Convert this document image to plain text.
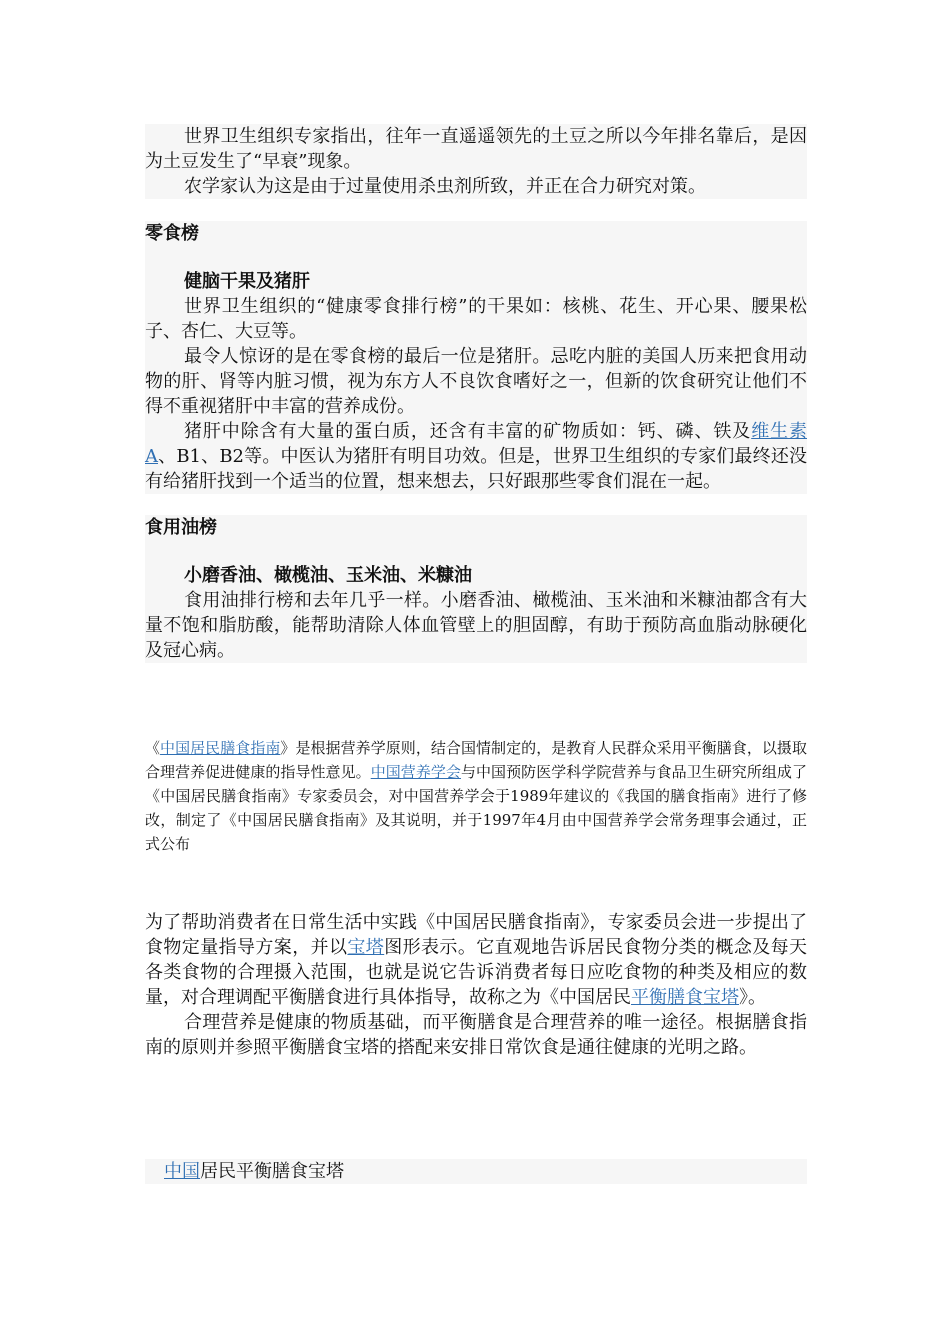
世界卫生组织专家指出，往年一直遥遥领先的土豆之所以今年排名靠后，是因为土豆发生了“早衰”现象。

农学家认为这是由于过量使用杀虫剂所致，并正在合力研究对策。

零食榜

健脑干果及猪肝

世界卫生组织的“健康零食排行榜”的干果如：核桃、花生、开心果、腰果松子、杏仁、大豆等。

最令人惊讶的是在零食榜的最后一位是猪肝。忌吃内脏的美国人历来把食用动物的肝、肾等内脏习惯，视为东方人不良饮食嗜好之一，但新的饮食研究让他们不得不重视猪肝中丰富的营养成份。

猪肝中除含有大量的蛋白质，还含有丰富的矿物质如：钙、磷、铁及维生素A、B1、B2等。中医认为猪肝有明目功效。但是，世界卫生组织的专家们最终还没有给猪肝找到一个适当的位置，想来想去，只好跟那些零食们混在一起。

食用油榜

小磨香油、橄榄油、玉米油、米糠油

食用油排行榜和去年几乎一样。小磨香油、橄榄油、玉米油和米糠油都含有大量不饱和脂肪酸，能帮助清除人体血管壁上的胆固醇，有助于预防高血脂动脉硬化及冠心病。

《中国居民膳食指南》是根据营养学原则，结合国情制定的，是教育人民群众采用平衡膳食，以摄取合理营养促进健康的指导性意见。中国营养学会与中国预防医学科学院营养与食品卫生研究所组成了《中国居民膳食指南》专家委员会，对中国营养学会于1989年建议的《我国的膳食指南》进行了修改，制定了《中国居民膳食指南》及其说明，并于1997年4月由中国营养学会常务理事会通过，正式公布

为了帮助消费者在日常生活中实践《中国居民膳食指南》，专家委员会进一步提出了食物定量指导方案，并以宝塔图形表示。它直观地告诉居民食物分类的概念及每天各类食物的合理摄入范围，也就是说它告诉消费者每日应吃食物的种类及相应的数量，对合理调配平衡膳食进行具体指导，故称之为《中国居民平衡膳食宝塔》。

合理营养是健康的物质基础，而平衡膳食是合理营养的唯一途径。根据膳食指南的原则并参照平衡膳食宝塔的搭配来安排日常饮食是通往健康的光明之路。

中国居民平衡膳食宝塔
